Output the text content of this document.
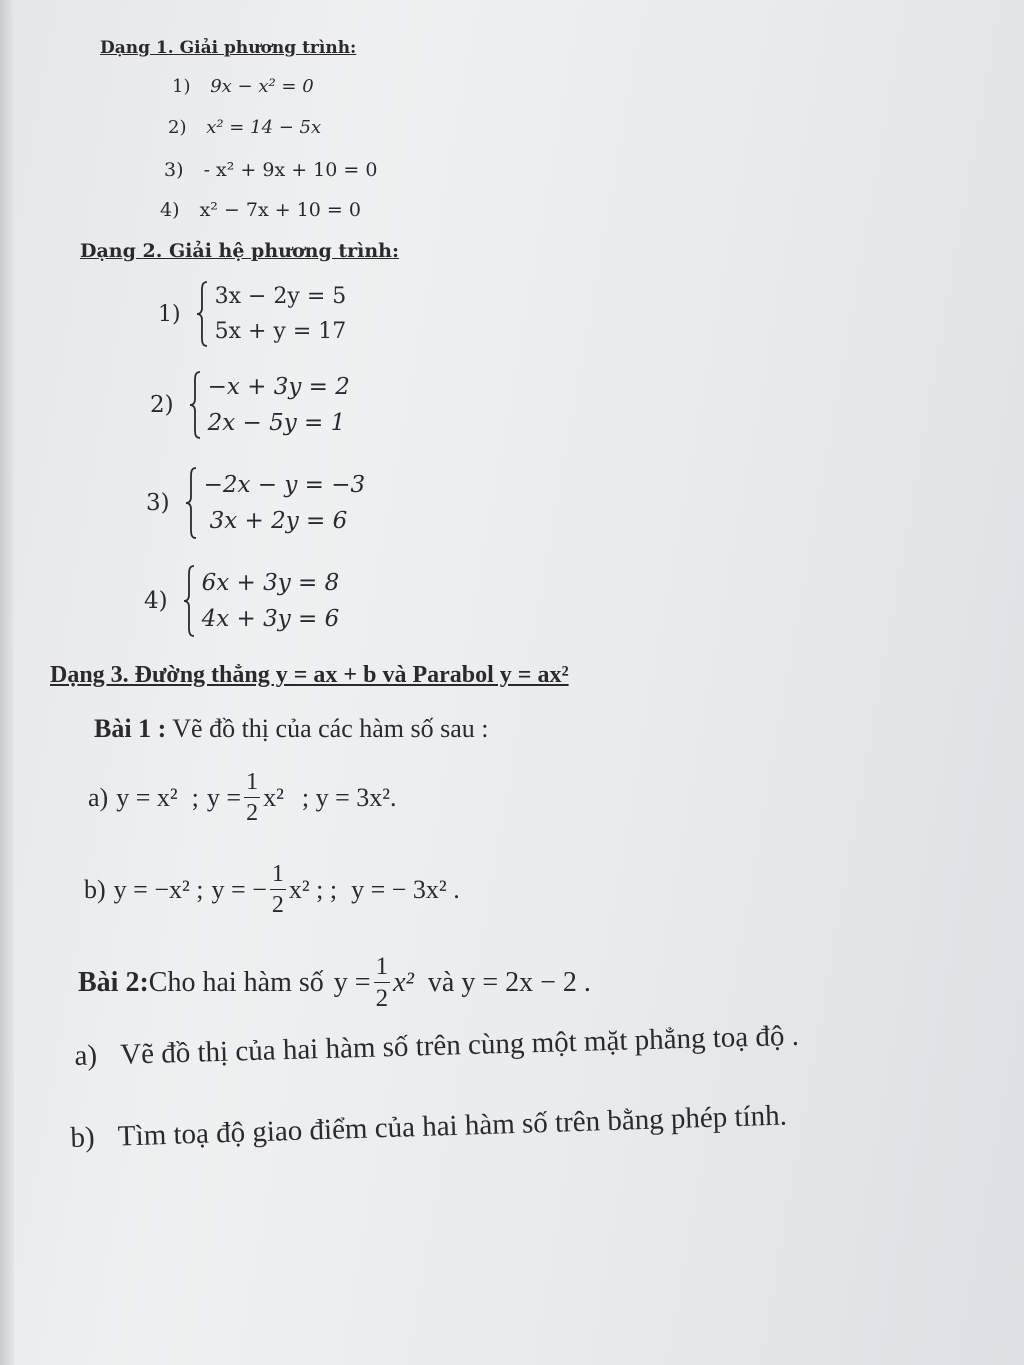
Dạng 1. Giải phương trình:
1) 9x − x² = 0
2) x² = 14 − 5x
3) - x² + 9x + 10 = 0
4) x² − 7x + 10 = 0
Dạng 2. Giải hệ phương trình:
1)
3x − 2y = 5
5x + y = 17
2)
−x + 3y = 2
2x − 5y = 1
3)
−2x − y = −3
3x + 2y = 6
4)
6x + 3y = 8
4x + 3y = 6
Dạng 3. Đường thẳng y = ax + b và Parabol y = ax²
Bài 1 : Vẽ đồ thị của các hàm số sau :
a) y = x² ; $y = \frac{1}{2} x^2$ ; y = 3x².
b) y = −x² ; y = − $\frac{1}{2} x^2$ ; ; y = − 3x² .
Bài 2: Cho hai hàm số $y = \frac{1}{2} x^2$ và y = 2x − 2 .
a) Vẽ đồ thị của hai hàm số trên cùng một mặt phẳng toạ độ .
b) Tìm toạ độ giao điểm của hai hàm số trên bằng phép tính.
